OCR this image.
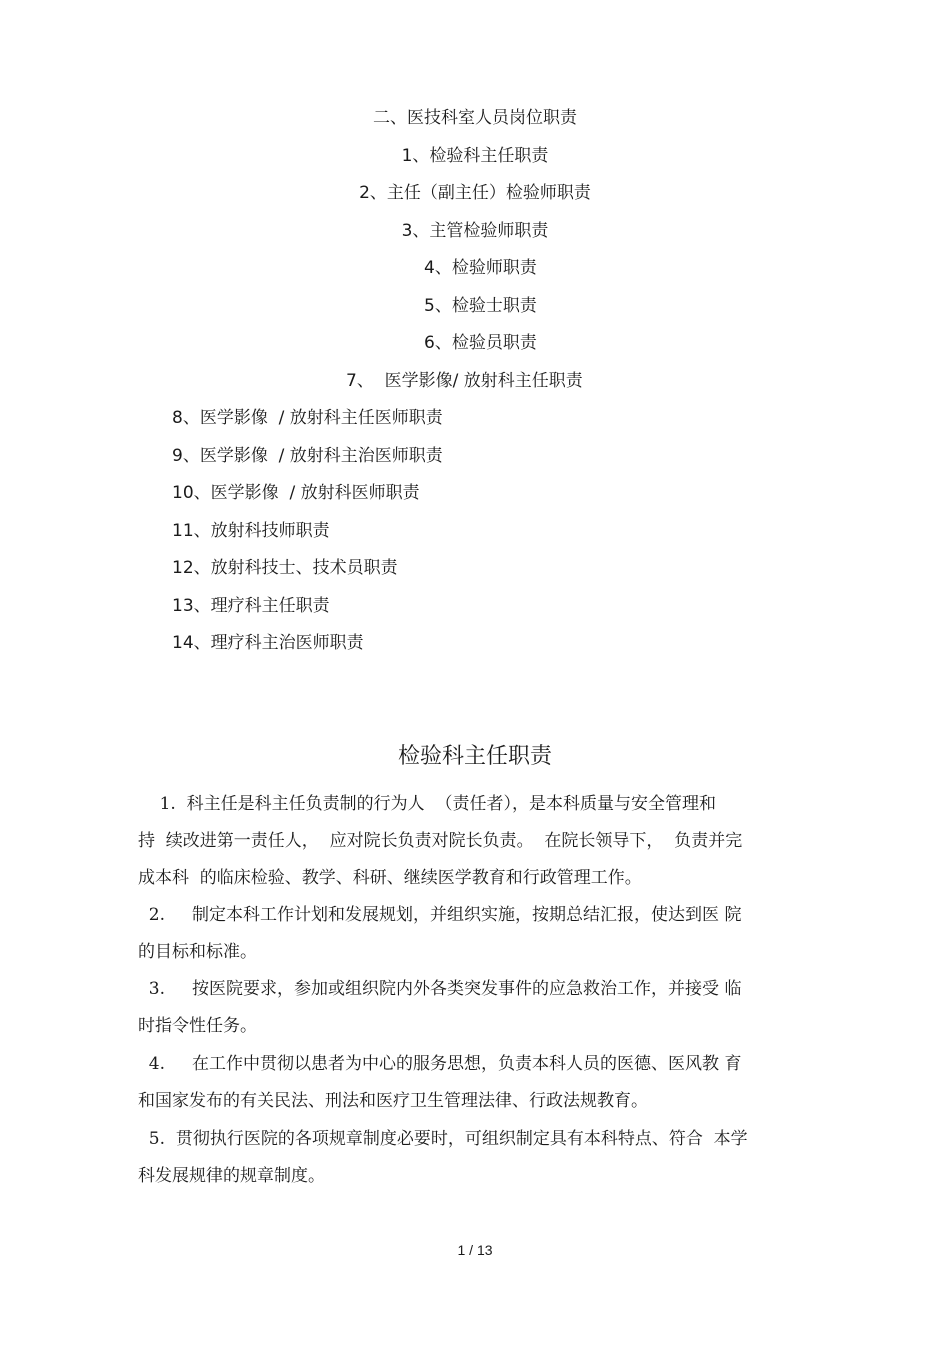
二、医技科室人员岗位职责
1、检验科主任职责
2、主任（副主任）检验师职责
3、主管检验师职责
4、检验师职责
5、检验士职责
6、检验员职责
7、  医学影像/ 放射科主任职责
8、医学影像  / 放射科主任医师职责
9、医学影像  / 放射科主治医师职责
10、医学影像  / 放射科医师职责
11、放射科技师职责
12、放射科技士、技术员职责
13、理疗科主任职责
14、理疗科主治医师职责
检验科主任职责
1.  科主任是科主任负责制的行为人  （责任者），是本科质量与安全管理和
持  续改进第一责任人，  应对院长负责对院长负责。  在院长领导下，  负责并完
成本科  的临床检验、教学、科研、继续医学教育和行政管理工作。
2.     制定本科工作计划和发展规划，并组织实施，按期总结汇报，使达到医 院
的目标和标准。
3.     按医院要求，参加或组织院内外各类突发事件的应急救治工作，并接受 临
时指令性任务。
4.     在工作中贯彻以患者为中心的服务思想，负责本科人员的医德、医风教 育
和国家发布的有关民法、刑法和医疗卫生管理法律、行政法规教育。
5.  贯彻执行医院的各项规章制度必要时，可组织制定具有本科特点、符合  本学
科发展规律的规章制度。
1 / 13
